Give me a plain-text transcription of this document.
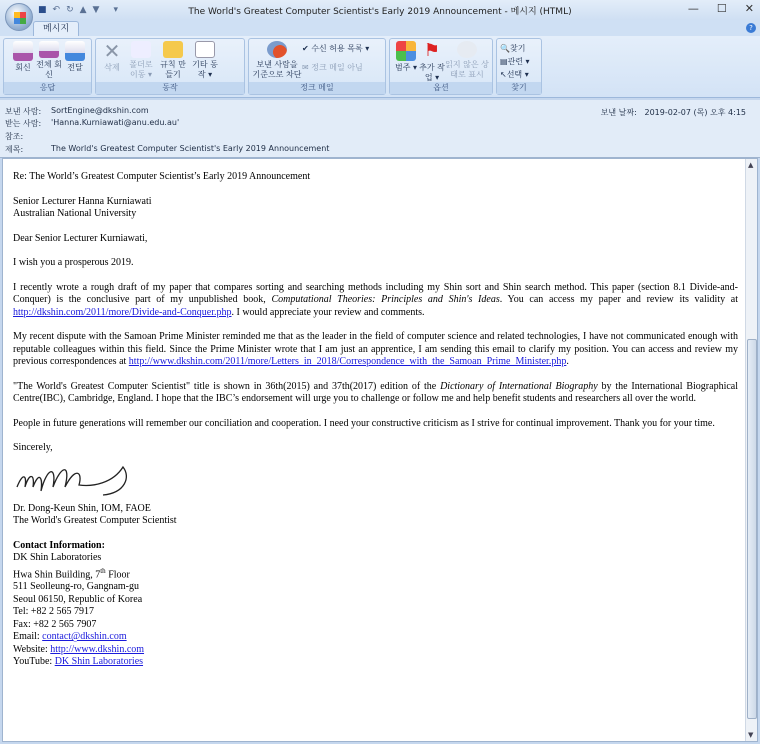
■ ↶ ↻ ▲ ▼ ▾	The World's Greatest Computer Scientist's Early 2019 Announcement - 메시지 (HTML)	— ☐ ✕
메시지	?
회신 전체 회신
전달
응답
✕
삭제	폴더로 이동 ▾
규칙 만들기
기타 동작 ▾
동작
보낸 사람을 기준으로 차단
✔ 수신 허용 목록 ▾
✉ 정크 메일 아님
정크 메일
범주 ▾
⚑
추가 작업 ▾
읽지 않은 상태로 표시
옵션
🔍찾기
▤관련 ▾
↖선택 ▾
찾기
보낸 사람:	SortEngine@dkshin.com
받는 사람:	'Hanna.Kurniawati@anu.edu.au'
참조:
제목:	The World's Greatest Computer Scientist's Early 2019 Announcement
보낸 날짜: 2019-02-07 (목) 오후 4:15

Re: The World’s Greatest Computer Scientist’s Early 2019 Announcement

Senior Lecturer Hanna Kurniawati
Australian National University

Dear Senior Lecturer Kurniawati,

I wish you a prosperous 2019.

I recently wrote a rough draft of my paper that compares sorting and searching methods including my Shin sort and Shin search method. This paper (section 8.1 Divide-and-Conquer) is the conclusive part of my unpublished book, Computational Theories: Principles and Shin's Ideas. You can access my paper and review its validity at http://dkshin.com/2011/more/Divide-and-Conquer.php. I would appreciate your review and comments.

My recent dispute with the Samoan Prime Minister reminded me that as the leader in the field of computer science and related technologies, I have not communicated enough with reputable colleagues within this field. Since the Prime Minister wrote that I am just an apprentice, I am sending this email to clarify my position. You can access and review my previous correspondences at http://www.dkshin.com/2011/more/Letters_in_2018/Correspondence_with_the_Samoan_Prime_Minister.php.

"The World's Greatest Computer Scientist" title is shown in 36th(2015) and 37th(2017) edition of the Dictionary of International Biography by the International Biographical Centre(IBC), Cambridge, England. I hope that the IBC’s endorsement will urge you to challenge or follow me and help benefit students and researchers all over the world.

People in future generations will remember our conciliation and cooperation. I need your constructive criticism as I strive for continual improvement. Thank you for your time.

Sincerely,

Dr. Dong-Keun Shin, IOM, FAOE
The World's Greatest Computer Scientist

Contact Information:
DK Shin Laboratories
Hwa Shin Building, 7th Floor
511 Seolleung-ro, Gangnam-gu
Seoul 06150, Republic of Korea
Tel: +82 2 565 7917
Fax: +82 2 565 7907
Email: contact@dkshin.com
Website: http://www.dkshin.com
YouTube: DK Shin Laboratories

▲
▼
